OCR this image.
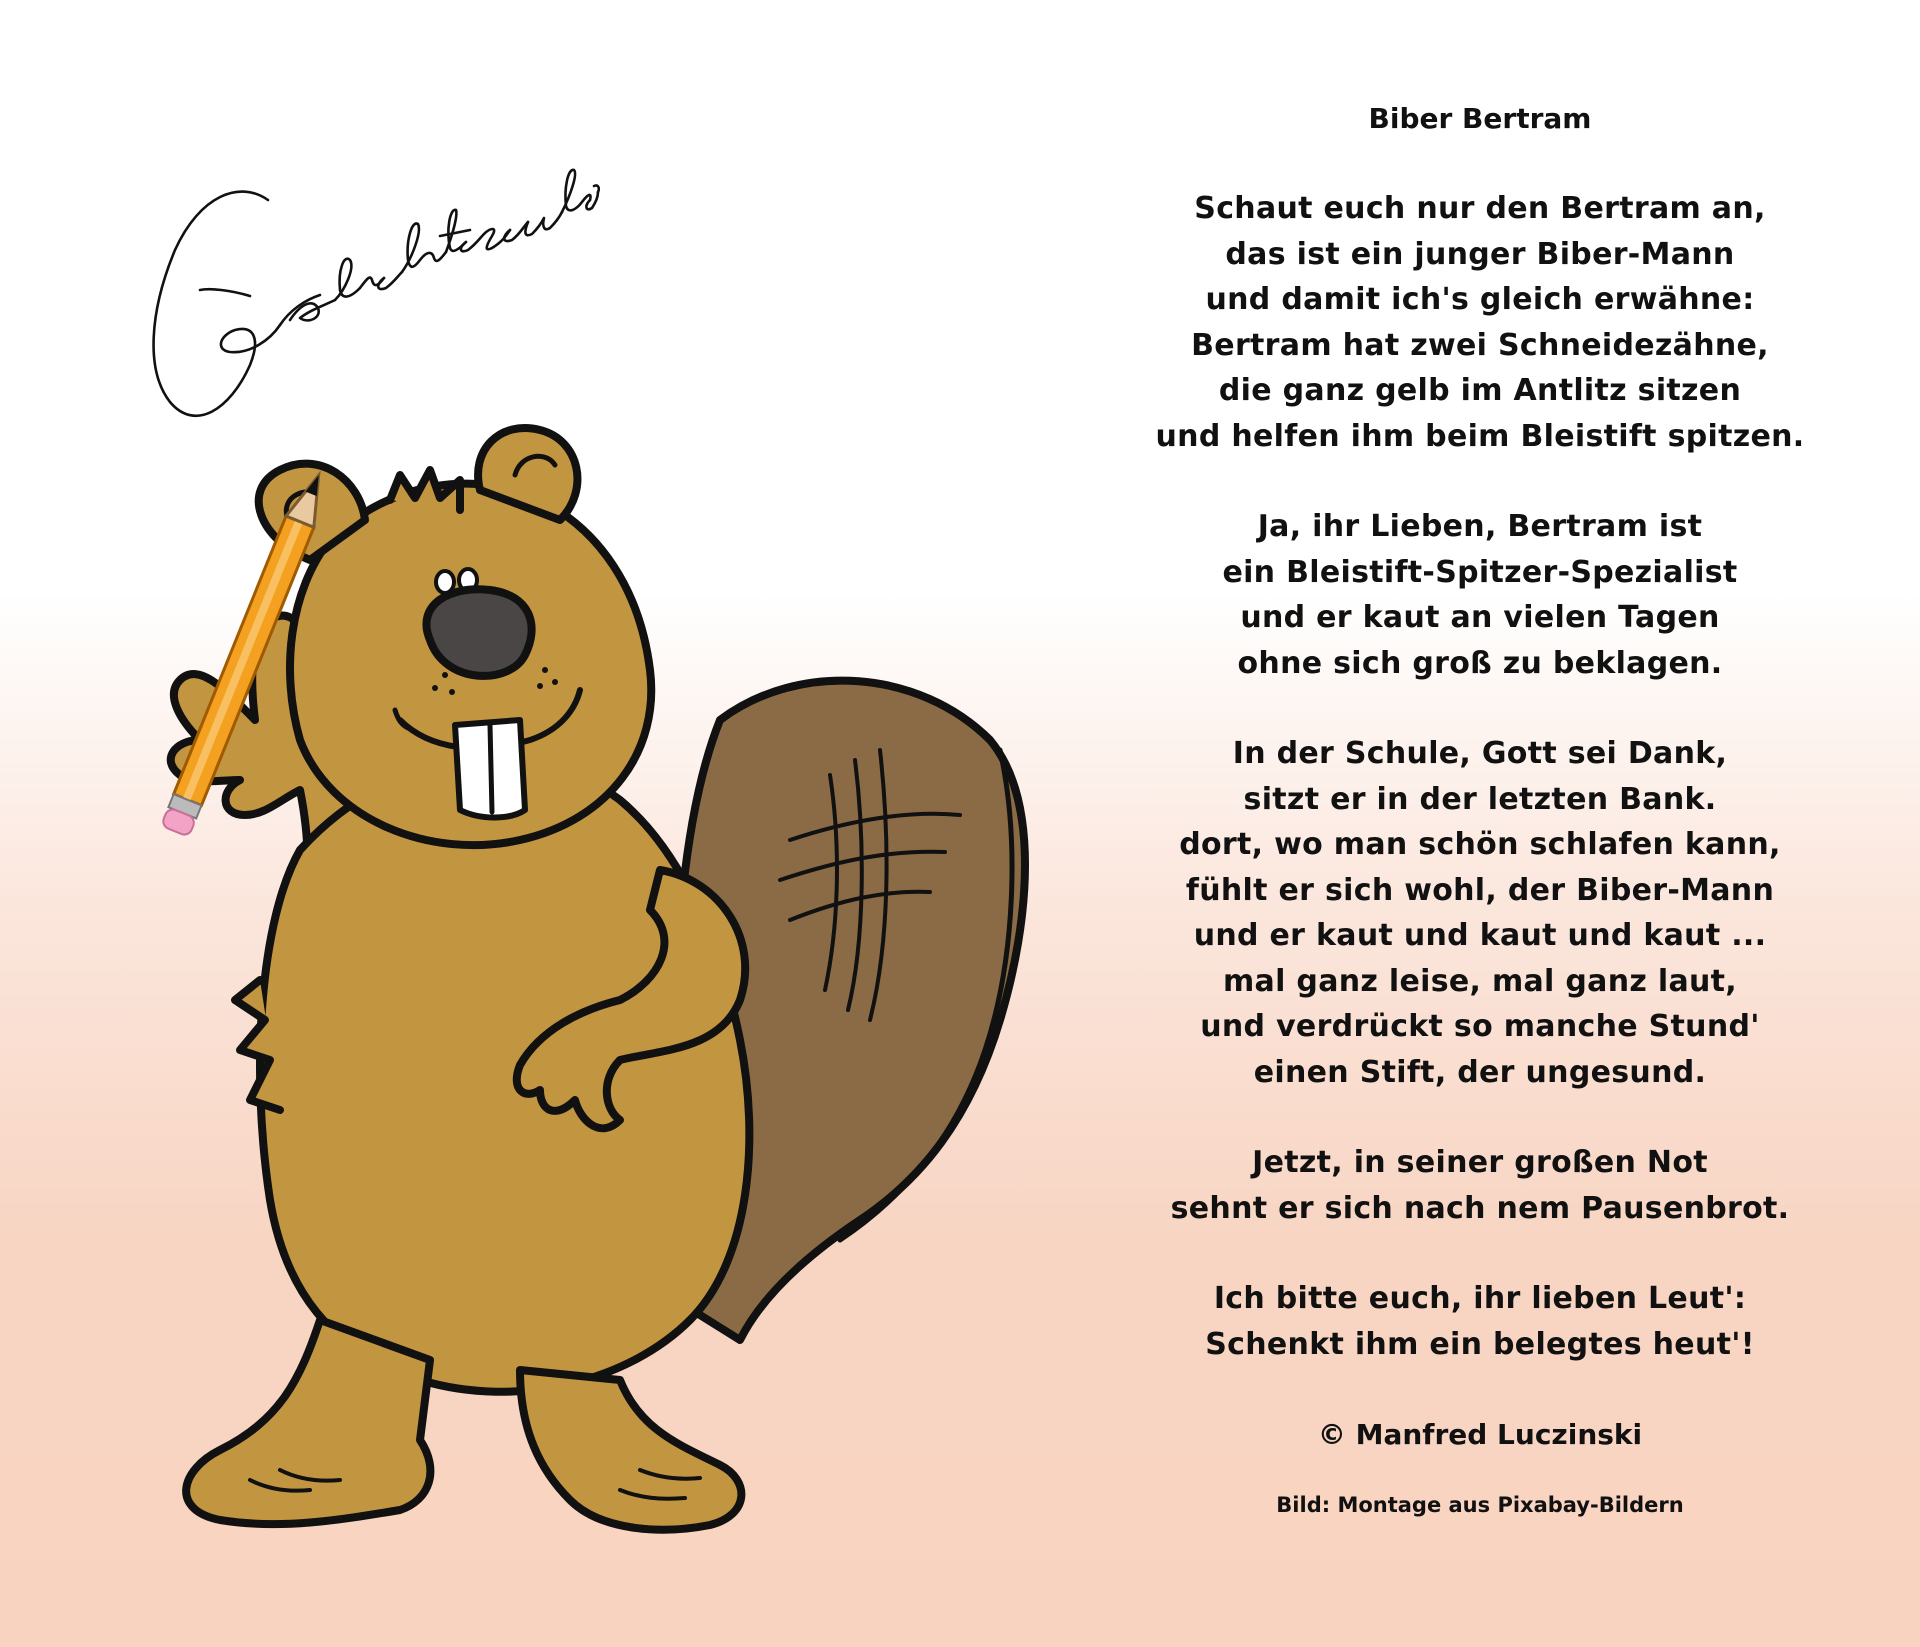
Biber Bertram
Schaut euch nur den Bertram an,
das ist ein junger Biber-Mann
und damit ich's gleich erwähne:
Bertram hat zwei Schneidezähne,
die ganz gelb im Antlitz sitzen
und helfen ihm beim Bleistift spitzen.
Ja, ihr Lieben, Bertram ist
ein Bleistift-Spitzer-Spezialist
und er kaut an vielen Tagen
ohne sich groß zu beklagen.
In der Schule, Gott sei Dank,
sitzt er in der letzten Bank.
dort, wo man schön schlafen kann,
fühlt er sich wohl, der Biber-Mann
und er kaut und kaut und kaut ...
mal ganz leise, mal ganz laut,
und verdrückt so manche Stund'
einen Stift, der ungesund.
Jetzt, in seiner großen Not
sehnt er sich nach nem Pausenbrot.
Ich bitte euch, ihr lieben Leut':
Schenkt ihm ein belegtes heut'!
© Manfred Luczinski
Bild: Montage aus Pixabay-Bildern
